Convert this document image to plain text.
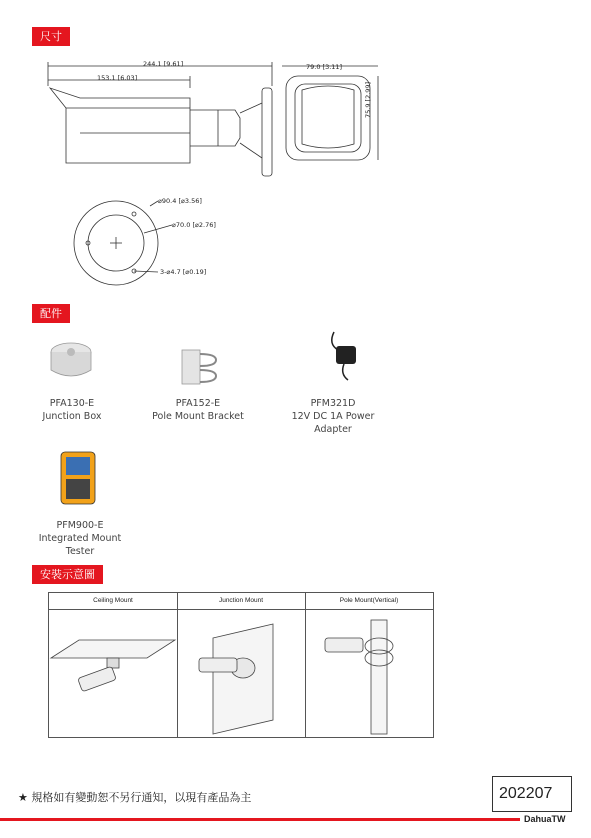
尺寸
244.1 [9.61]
153.1 [6.03]
79.0 [3.11]
75.9 [2.99]
⌀90.4 [⌀3.56]
⌀70.0 [⌀2.76]
3-⌀4.7 [⌀0.19]
配件
PFA130-E
Junction Box
PFA152-E
Pole Mount Bracket
PFM321D
12V DC 1A Power
Adapter
PFM900-E
Integrated Mount
Tester
安裝示意圖
Ceiling Mount	Junction Mount	Pole Mount(Vertical)
★ 規格如有變動恕不另行通知，以現有產品為主	202207
DahuaTW
